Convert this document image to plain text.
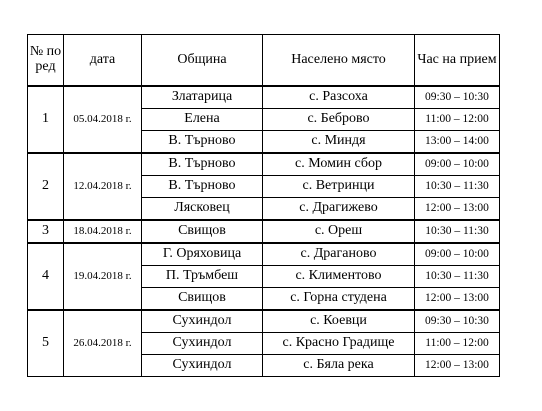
№ по ред	дата	Община	Населено място	Час на прием
1	05.04.2018 г.	Златарица	с. Разсоха	09:30 – 10:30
		Елена	с. Беброво	11:00 – 12:00
		В. Търново	с. Миндя	13:00 – 14:00
2	12.04.2018 г.	В. Търново	с. Момин сбор	09:00 – 10:00
		В. Търново	с. Ветринци	10:30 – 11:30
		Лясковец	с. Драгижево	12:00 – 13:00
3	18.04.2018 г.	Свищов	с. Ореш	10:30 – 11:30
4	19.04.2018 г.	Г. Оряховица	с. Драганово	09:00 – 10:00
		П. Тръмбеш	с. Климентово	10:30 – 11:30
		Свищов	с. Горна студена	12:00 – 13:00
5	26.04.2018 г.	Сухиндол	с. Коевци	09:30 – 10:30
		Сухиндол	с. Красно Градище	11:00 – 12:00
		Сухиндол	с. Бяла река	12:00 – 13:00
